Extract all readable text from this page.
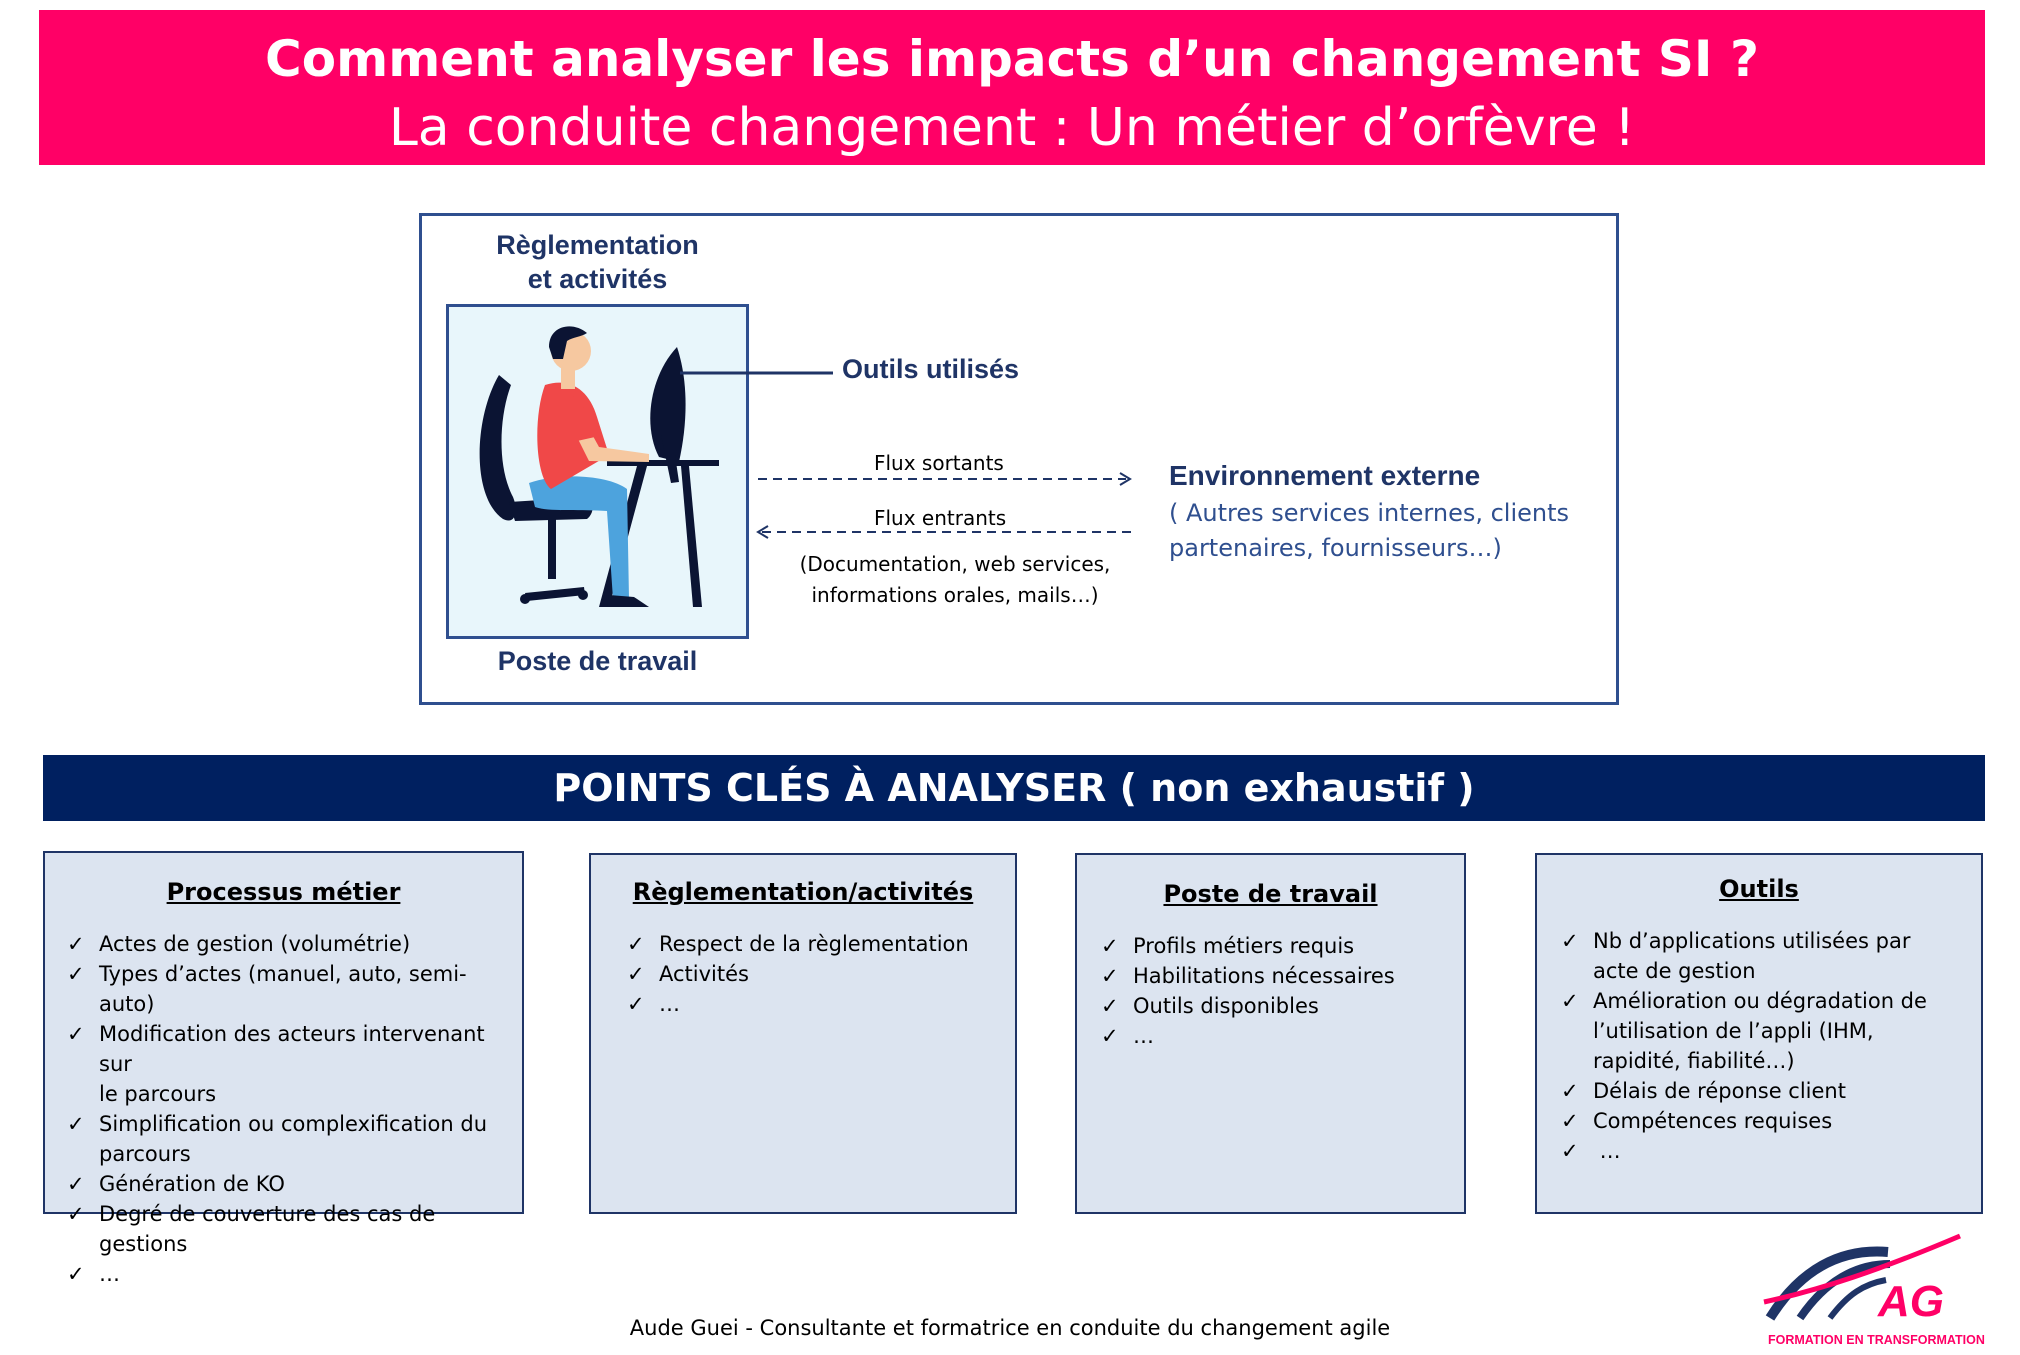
Comment analyser les impacts d’un changement SI ?
La conduite changement : Un métier d’orfèvre !
Règlementation
et activités
Poste de travail
Outils utilisés
Flux sortants
Flux entrants
(Documentation, web services,
informations orales, mails…)
Environnement externe
( Autres services internes, clients
partenaires, fournisseurs…)
POINTS CLÉS À ANALYSER ( non exhaustif )
Processus métier
✓ Actes de gestion (volumétrie)
✓ Types d’actes (manuel, auto, semi-auto)
✓ Modification des acteurs intervenant sur
le parcours
✓ Simplification ou complexification du
parcours
✓ Génération de KO
✓ Degré de couverture des cas de gestions
✓ …
Règlementation/activités
✓ Respect de la règlementation
✓ Activités
✓ …
Poste de travail
✓ Profils métiers requis
✓ Habilitations nécessaires
✓ Outils disponibles
✓ …
Outils
✓ Nb d’applications utilisées par
acte de gestion
✓ Amélioration ou dégradation de
l’utilisation de l’appli (IHM,
rapidité, fiabilité…)
✓ Délais de réponse client
✓ Compétences requises
✓ …
Aude Guei - Consultante et formatrice en conduite du changement agile
AG
FORMATION EN TRANSFORMATION
